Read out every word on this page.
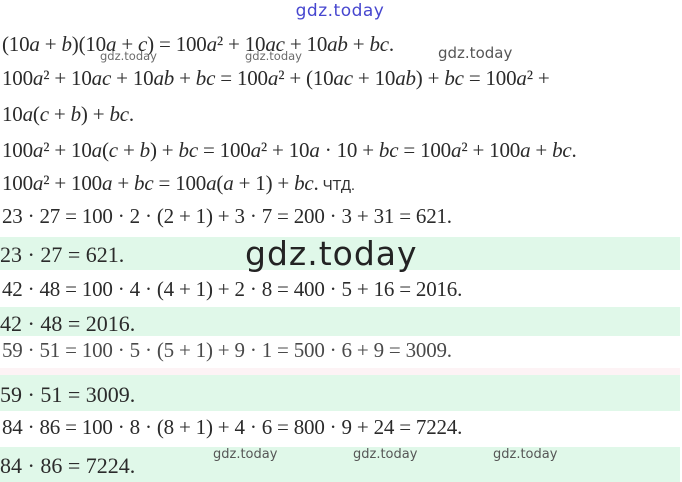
gdz.today
(10a + b)(10a + c) = 100a² + 10ac + 10ab + bc.
gdz.today	gdz.today	gdz.today
100a² + 10ac + 10ab + bc = 100a² + (10ac + 10ab) + bc = 100a² +
10a(c + b) + bc.
100a² + 10a(c + b) + bc = 100a² + 10a · 10 + bc = 100a² + 100a + bc.
100a² + 100a + bc = 100a(a + 1) + bc. ЧТД.
23 · 27 = 100 · 2 · (2 + 1) + 3 · 7 = 200 · 3 + 31 = 621.
23 · 27 = 621.	gdz.today
42 · 48 = 100 · 4 · (4 + 1) + 2 · 8 = 400 · 5 + 16 = 2016.
42 · 48 = 2016.
59 · 51 = 100 · 5 · (5 + 1) + 9 · 1 = 500 · 6 + 9 = 3009.
59 · 51 = 3009.
84 · 86 = 100 · 8 · (8 + 1) + 4 · 6 = 800 · 9 + 24 = 7224.
84 · 86 = 7224.	gdz.today	gdz.today	gdz.today
